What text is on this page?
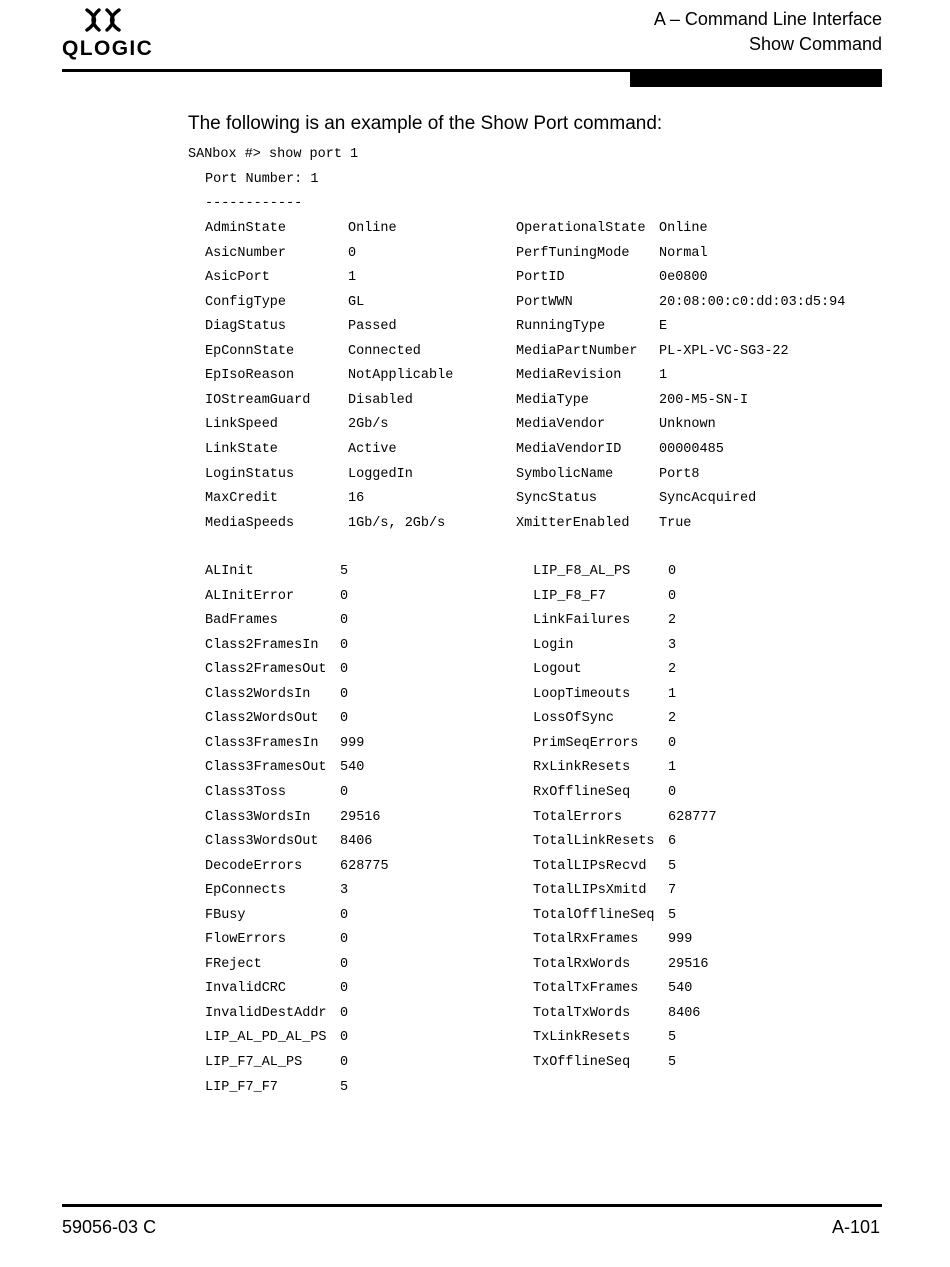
QLOGIC
A – Command Line Interface
Show Command
The following is an example of the Show Port command:
SANbox #> show port 1
Port Number: 1
------------
AdminState	Online	OperationalState Online
AsicNumber	0	PerfTuningMode Normal
AsicPort	1	PortID	0e0800
ConfigType	GL	PortWWN	20:08:00:c0:dd:03:d5:94
DiagStatus	Passed	RunningType	E
EpConnState	Connected	MediaPartNumber PL-XPL-VC-SG3-22
EpIsoReason	NotApplicable	MediaRevision	1
IOStreamGuard	Disabled	MediaType	200-M5-SN-I
LinkSpeed	2Gb/s	MediaVendor	Unknown
LinkState	Active	MediaVendorID	00000485
LoginStatus	LoggedIn	SymbolicName	Port8
MaxCredit	16	SyncStatus	SyncAcquired
MediaSpeeds	1Gb/s, 2Gb/s	XmitterEnabled True
ALInit	5	LIP_F8_AL_PS	0
ALInitError	0	LIP_F8_F7	0
BadFrames	0	LinkFailures	2
Class2FramesIn 0	Login	3
Class2FramesOut 0	Logout	2
Class2WordsIn 0	LoopTimeouts	1
Class2WordsOut 0	LossOfSync	2
Class3FramesIn 999	PrimSeqErrors 0
Class3FramesOut 540	RxLinkResets	1
Class3Toss	0	RxOfflineSeq	0
Class3WordsIn 29516	TotalErrors	628777
Class3WordsOut 8406	TotalLinkResets 6
DecodeErrors	628775	TotalLIPsRecvd 5
EpConnects	3	TotalLIPsXmitd 7
FBusy	0	TotalOfflineSeq 5
FlowErrors	0	TotalRxFrames 999
FReject	0	TotalRxWords	29516
InvalidCRC	0	TotalTxFrames 540
InvalidDestAddr 0	TotalTxWords	8406
LIP_AL_PD_AL_PS 0	TxLinkResets	5
LIP_F7_AL_PS	0	TxOfflineSeq	5
LIP_F7_F7	5
59056-03 C	A-101
